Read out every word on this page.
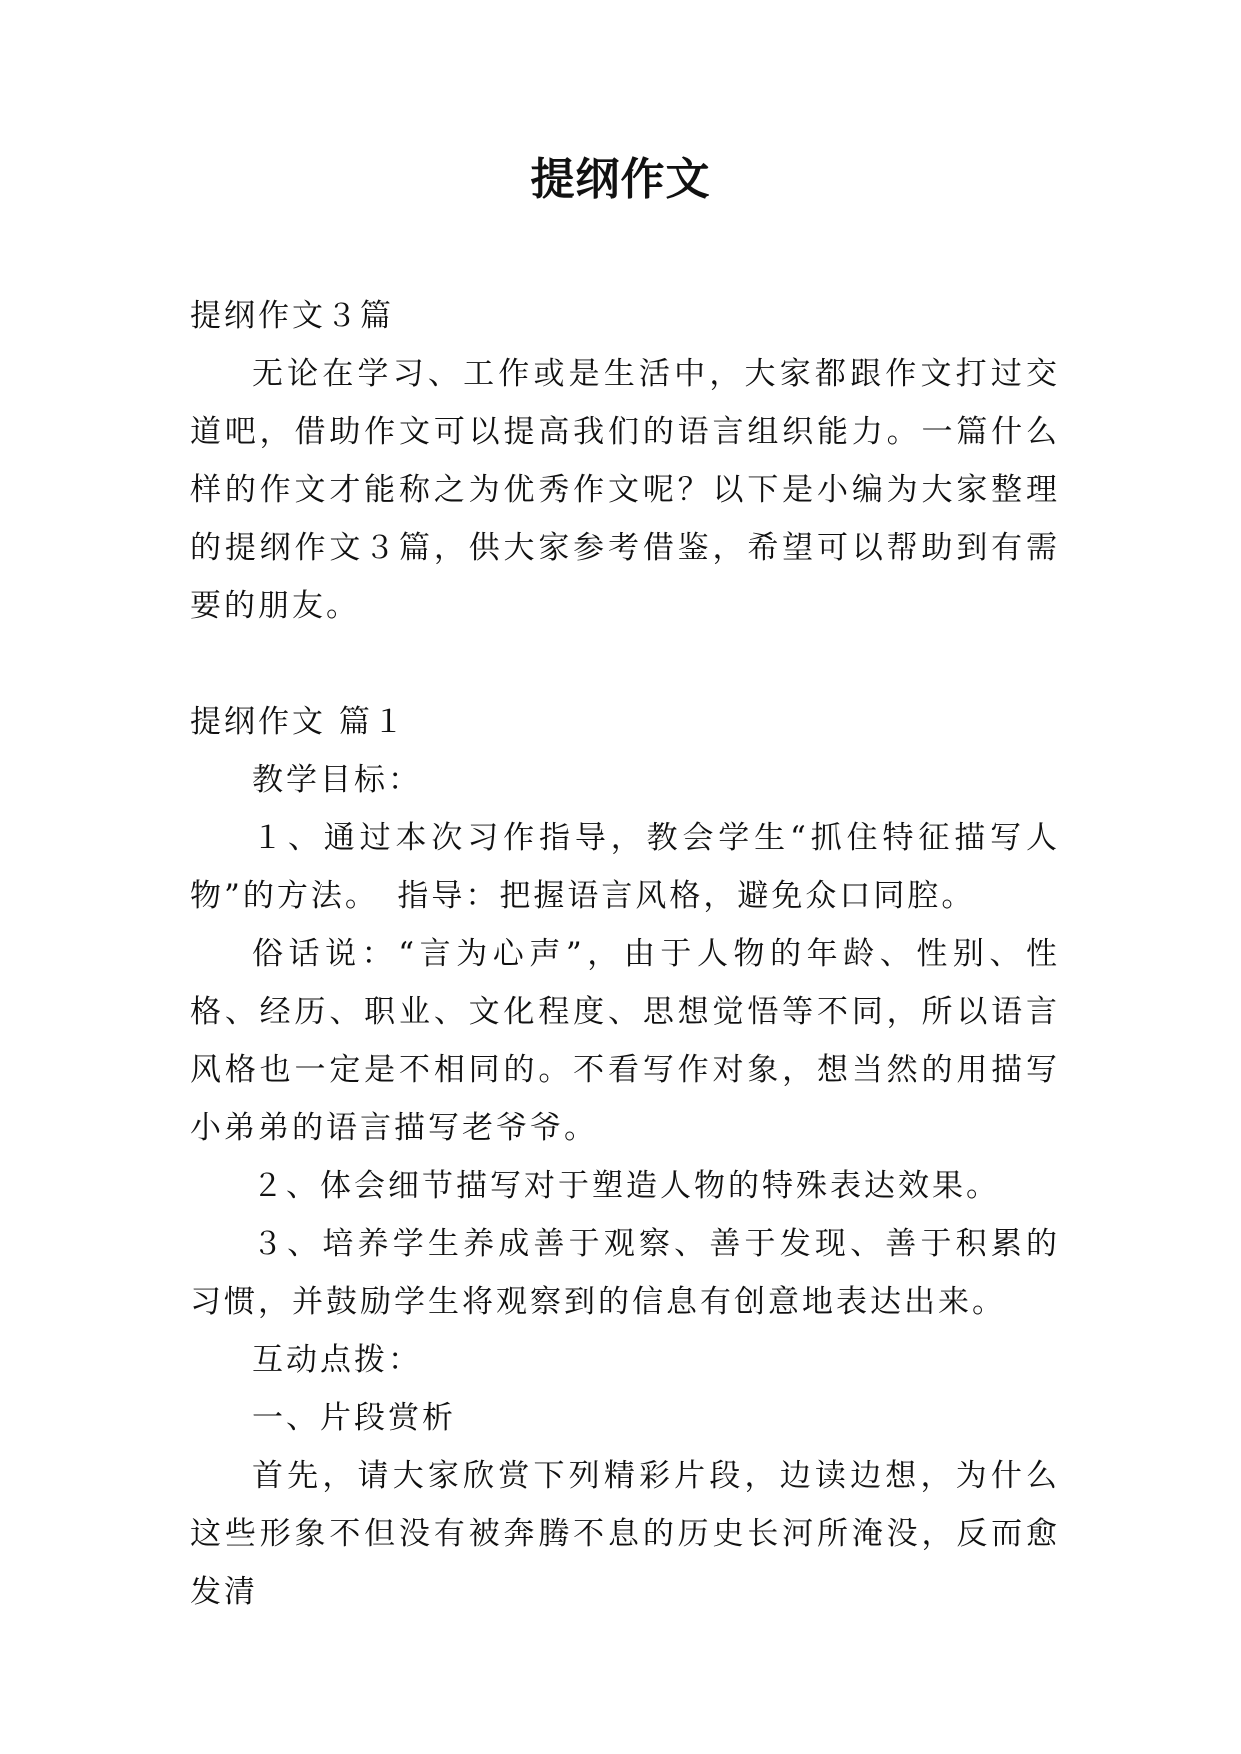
提纲作文

提纲作文３篇

无论在学习、工作或是生活中，大家都跟作文打过交道吧，借助作文可以提高我们的语言组织能力。一篇什么样的作文才能称之为优秀作文呢？以下是小编为大家整理的提纲作文３篇，供大家参考借鉴，希望可以帮助到有需要的朋友。

提纲作文 篇１

教学目标：

１、通过本次习作指导，教会学生“抓住特征描写人物”的方法。　指导：把握语言风格，避免众口同腔。

俗话说：“言为心声”，由于人物的年龄、性别、性格、经历、职业、文化程度、思想觉悟等不同，所以语言风格也一定是不相同的。不看写作对象，想当然的用描写小弟弟的语言描写老爷爷。

２、体会细节描写对于塑造人物的特殊表达效果。

３、培养学生养成善于观察、善于发现、善于积累的习惯，并鼓励学生将观察到的信息有创意地表达出来。

互动点拨：

一、片段赏析

首先，请大家欣赏下列精彩片段，边读边想，为什么这些形象不但没有被奔腾不息的历史长河所淹没，反而愈发清
